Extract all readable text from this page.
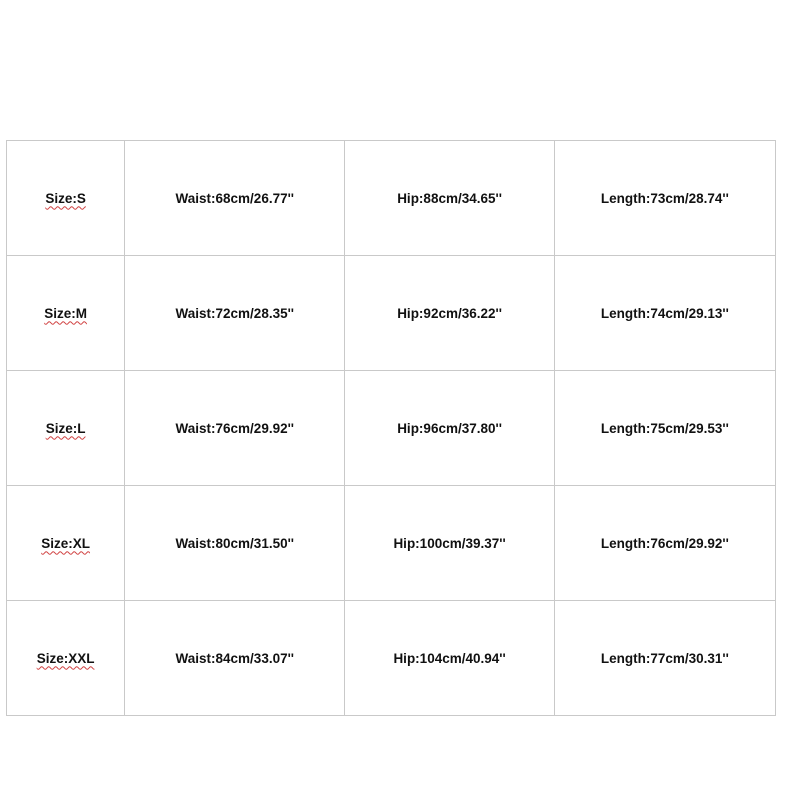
Size:S	Waist:68cm/26.77''	Hip:88cm/34.65''	Length:73cm/28.74''
Size:M	Waist:72cm/28.35''	Hip:92cm/36.22''	Length:74cm/29.13''
Size:L	Waist:76cm/29.92''	Hip:96cm/37.80''	Length:75cm/29.53''
Size:XL	Waist:80cm/31.50''	Hip:100cm/39.37''	Length:76cm/29.92''
Size:XXL	Waist:84cm/33.07''	Hip:104cm/40.94''	Length:77cm/30.31''
